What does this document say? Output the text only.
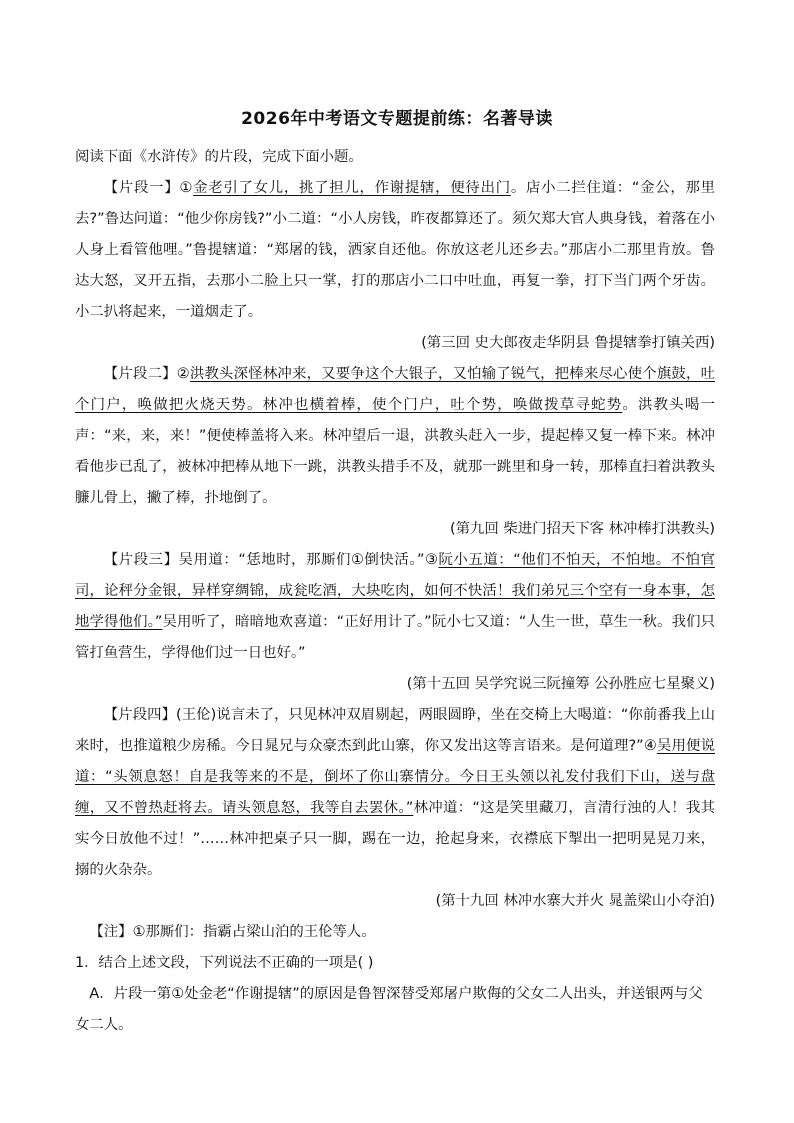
2026年中考语文专题提前练：名著导读

阅读下面《水浒传》的片段，完成下面小题。

【片段一】①金老引了女儿，挑了担儿，作谢提辖，便待出门。店小二拦住道：“金公，那里去?”鲁达问道：“他少你房钱?”小二道：“小人房钱，昨夜都算还了。须欠郑大官人典身钱，着落在小人身上看管他哩。”鲁提辖道：“郑屠的钱，洒家自还他。你放这老儿还乡去。”那店小二那里肯放。鲁达大怒，叉开五指，去那小二脸上只一掌，打的那店小二口中吐血，再复一拳，打下当门两个牙齿。小二扒将起来，一道烟走了。

(第三回 史大郎夜走华阴县 鲁提辖拳打镇关西)

【片段二】②洪教头深怪林冲来，又要争这个大银子，又怕输了锐气，把棒来尽心使个旗鼓，吐个门户，唤做把火烧天势。林冲也横着棒，使个门户，吐个势，唤做拨草寻蛇势。洪教头喝一声：“来，来，来！”便使棒盖将入来。林冲望后一退，洪教头赶入一步，提起棒又复一棒下来。林冲看他步已乱了，被林冲把棒从地下一跳，洪教头措手不及，就那一跳里和身一转，那棒直扫着洪教头臁儿骨上，撇了棒，扑地倒了。

(第九回 柴进门招天下客 林冲棒打洪教头)

【片段三】吴用道：“恁地时，那厮们①倒快活。”③阮小五道：“他们不怕天，不怕地。不怕官司，论秤分金银，异样穿绸锦，成瓮吃酒，大块吃肉，如何不快活！我们弟兄三个空有一身本事，怎地学得他们。”吴用听了，暗暗地欢喜道：“正好用计了。”阮小七又道：“人生一世，草生一秋。我们只管打鱼营生，学得他们过一日也好。”

(第十五回 吴学究说三阮撞筹 公孙胜应七星聚义)

【片段四】(王伦)说言未了，只见林冲双眉剔起，两眼圆睁，坐在交椅上大喝道：“你前番我上山来时，也推道粮少房稀。今日晁兄与众豪杰到此山寨，你又发出这等言语来。是何道理?”④吴用便说道：“头领息怒！自是我等来的不是，倒坏了你山寨情分。今日王头领以礼发付我们下山，送与盘缠，又不曾热赶将去。请头领息怒，我等自去罢休。”林冲道：“这是笑里藏刀，言清行浊的人！我其实今日放他不过！”……林冲把桌子只一脚，踢在一边，抢起身来，衣襟底下掣出一把明晃晃刀来，搦的火杂杂。

(第十九回 林冲水寨大并火 晁盖梁山小夺泊)

【注】①那厮们：指霸占梁山泊的王伦等人。

1．结合上述文段，下列说法不正确的一项是( )

A．片段一第①处金老“作谢提辖”的原因是鲁智深替受郑屠户欺侮的父女二人出头，并送银两与父女二人。
